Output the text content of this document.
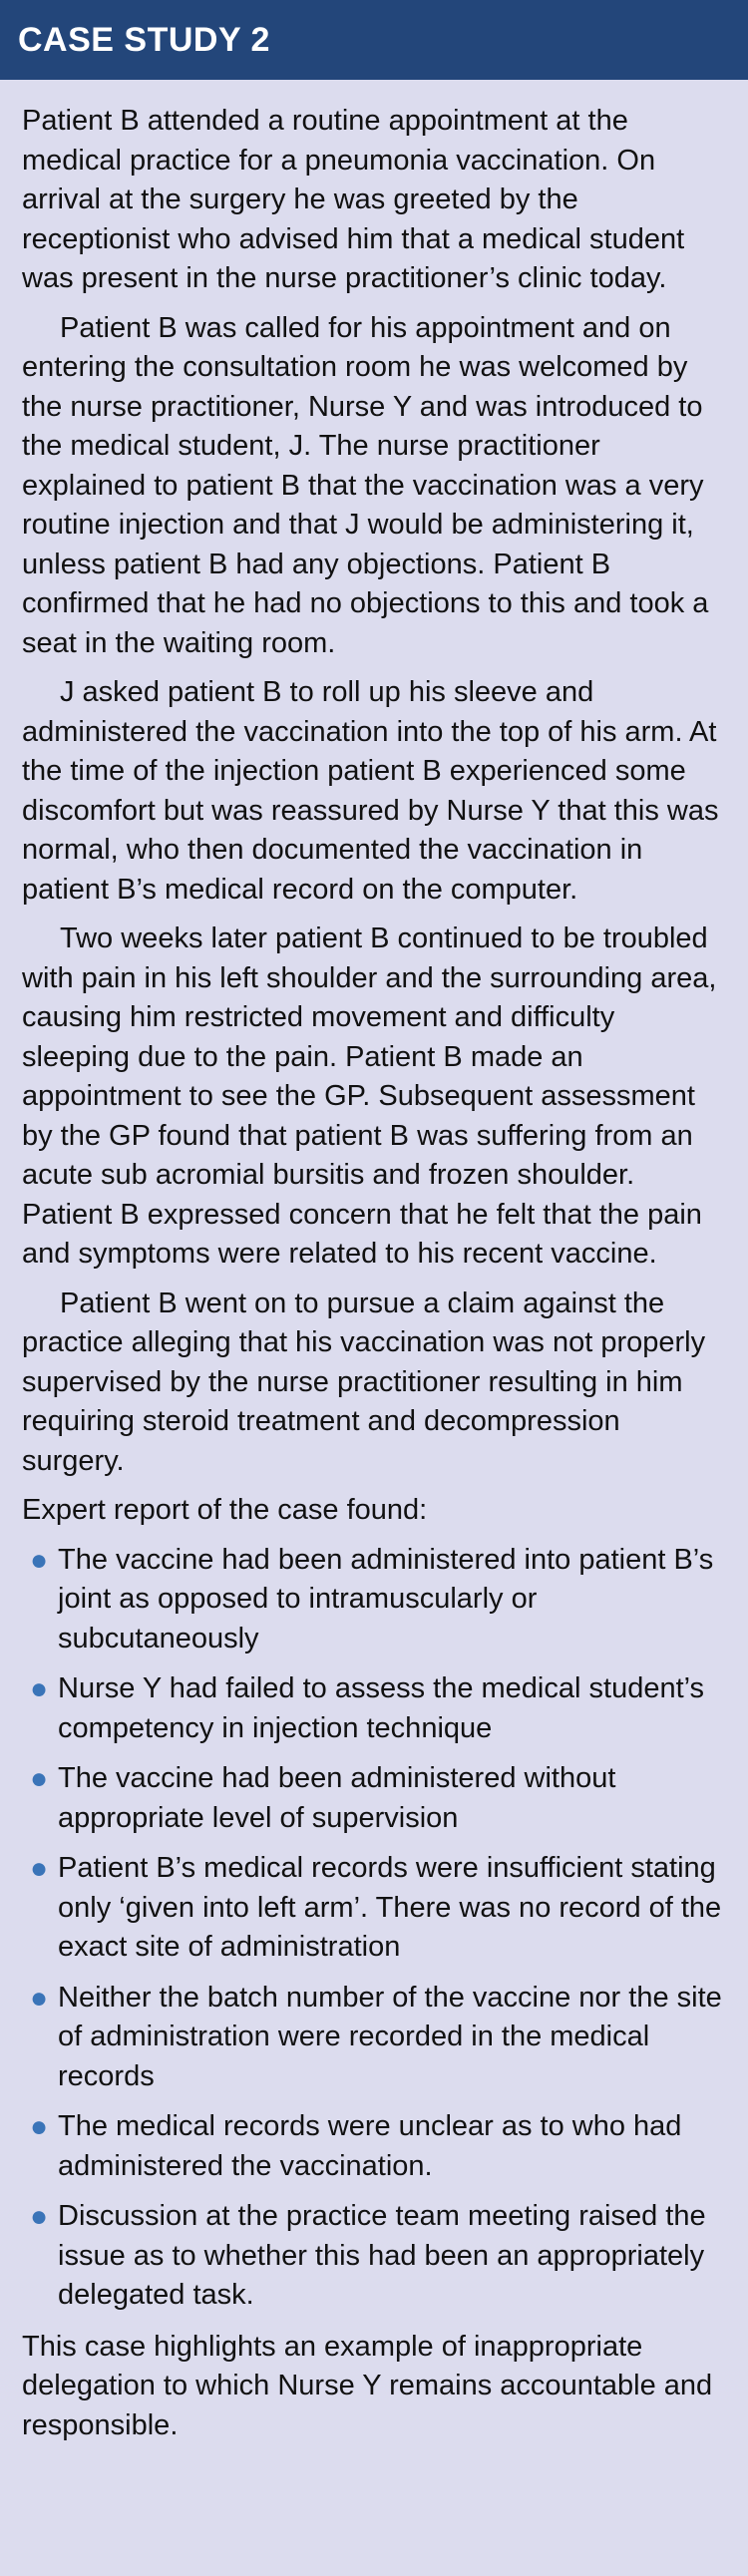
CASE STUDY 2

Patient B attended a routine appointment at the medical practice for a pneumonia vaccination. On arrival at the surgery he was greeted by the receptionist who advised him that a medical student was present in the nurse practitioner’s clinic today.

Patient B was called for his appointment and on entering the consultation room he was welcomed by the nurse practitioner, Nurse Y and was introduced to the medical student, J. The nurse practitioner explained to patient B that the vaccination was a very routine injection and that J would be administering it, unless patient B had any objections. Patient B confirmed that he had no objections to this and took a seat in the waiting room.

J asked patient B to roll up his sleeve and administered the vaccination into the top of his arm. At the time of the injection patient B experienced some discomfort but was reassured by Nurse Y that this was normal, who then documented the vaccination in patient B’s medical record on the computer.

Two weeks later patient B continued to be troubled with pain in his left shoulder and the surrounding area, causing him restricted movement and difficulty sleeping due to the pain. Patient B made an appointment to see the GP. Subsequent assessment by the GP found that patient B was suffering from an acute sub acromial bursitis and frozen shoulder. Patient B expressed concern that he felt that the pain and symptoms were related to his recent vaccine.

Patient B went on to pursue a claim against the practice alleging that his vaccination was not properly supervised by the nurse practitioner resulting in him requiring steroid treatment and decompression surgery.

Expert report of the case found:

● The vaccine had been administered into patient B’s joint as opposed to intramuscularly or subcutaneously
● Nurse Y had failed to assess the medical student’s competency in injection technique
● The vaccine had been administered without appropriate level of supervision
● Patient B’s medical records were insufficient stating only ‘given into left arm’. There was no record of the exact site of administration
● Neither the batch number of the vaccine nor the site of administration were recorded in the medical records
● The medical records were unclear as to who had administered the vaccination.
● Discussion at the practice team meeting raised the issue as to whether this had been an appropriately delegated task.

This case highlights an example of inappropriate delegation to which Nurse Y remains accountable and responsible.
